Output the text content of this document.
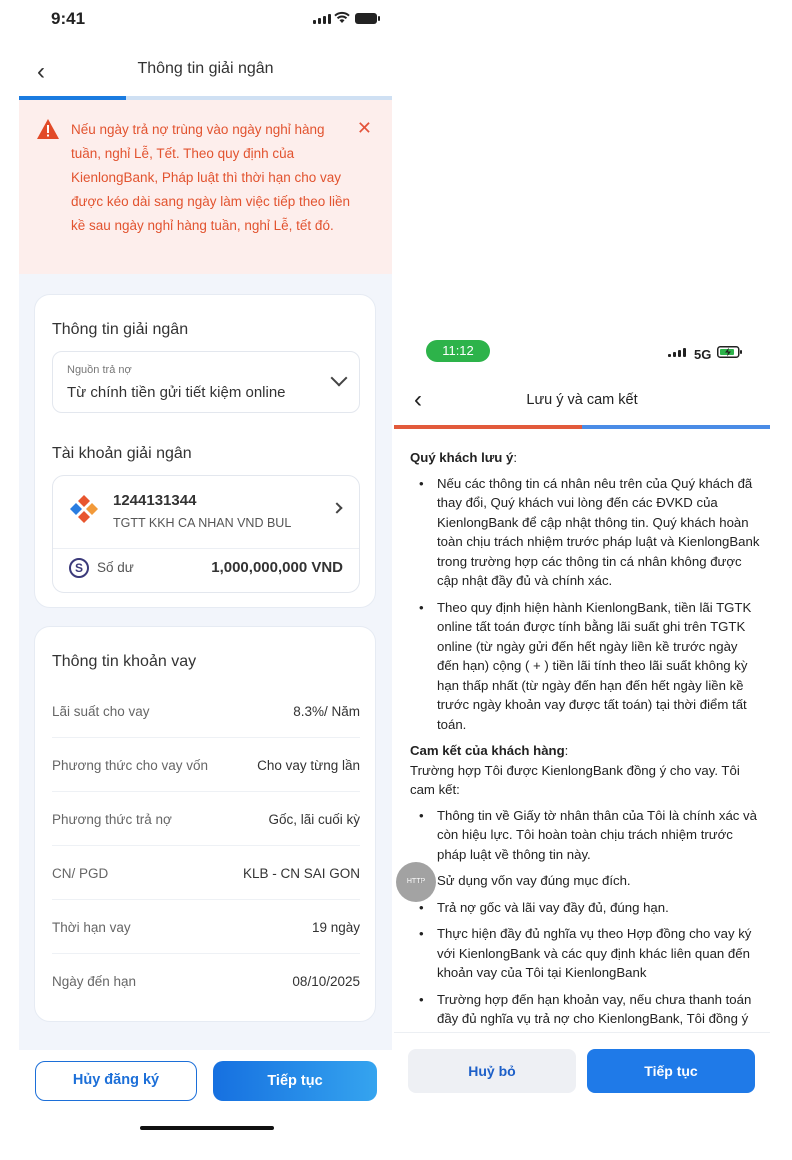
9:41
‹	Thông tin giải ngân
Nếu ngày trả nợ trùng vào ngày nghỉ hàng tuần, nghỉ Lễ, Tết. Theo quy định của KienlongBank, Pháp luật thì thời hạn cho vay được kéo dài sang ngày làm việc tiếp theo liền kề sau ngày nghỉ hàng tuần, nghỉ Lễ, tết đó.
✕
Thông tin giải ngân
Nguồn trả nợ
Từ chính tiền gửi tiết kiệm online
Tài khoản giải ngân
1244131344
TGTT KKH CA NHAN VND BUL
S	Số dư	1,000,000,000 VND
Thông tin khoản vay
Lãi suất cho vay	8.3%/ Năm
Phương thức cho vay vốn	Cho vay từng lần
Phương thức trả nợ	Gốc, lãi cuối kỳ
CN/ PGD	KLB - CN SAI GON
Thời hạn vay	19 ngày
Ngày đến hạn	08/10/2025
Hủy đăng ký	Tiếp tục
11:12	5G
‹	Lưu ý và cam kết
Quý khách lưu ý:
• Nếu các thông tin cá nhân nêu trên của Quý khách đã thay đổi, Quý khách vui lòng đến các ĐVKD của KienlongBank để cập nhật thông tin. Quý khách hoàn toàn chịu trách nhiệm trước pháp luật và KienlongBank trong trường hợp các thông tin cá nhân không được cập nhật đầy đủ và chính xác.
• Theo quy định hiện hành KienlongBank, tiền lãi TGTK online tất toán được tính bằng lãi suất ghi trên TGTK online (từ ngày gửi đến hết ngày liền kề trước ngày đến hạn) cộng ( + ) tiền lãi tính theo lãi suất không kỳ hạn thấp nhất (từ ngày đến hạn đến hết ngày liền kề trước ngày khoản vay được tất toán) tại thời điểm tất toán.
Cam kết của khách hàng:
Trường hợp Tôi được KienlongBank đồng ý cho vay. Tôi cam kết:
• Thông tin về Giấy tờ nhân thân của Tôi là chính xác và còn hiệu lực. Tôi hoàn toàn chịu trách nhiệm trước pháp luật về thông tin này.
• Sử dụng vốn vay đúng mục đích.
• Trả nợ gốc và lãi vay đầy đủ, đúng hạn.
• Thực hiện đầy đủ nghĩa vụ theo Hợp đồng cho vay ký với KienlongBank và các quy định khác liên quan đến khoản vay của Tôi tại KienlongBank
• Trường hợp đến hạn khoản vay, nếu chưa thanh toán đầy đủ nghĩa vụ trả nợ cho KienlongBank, Tôi đồng ý
HTTP
Huỷ bỏ	Tiếp tục
